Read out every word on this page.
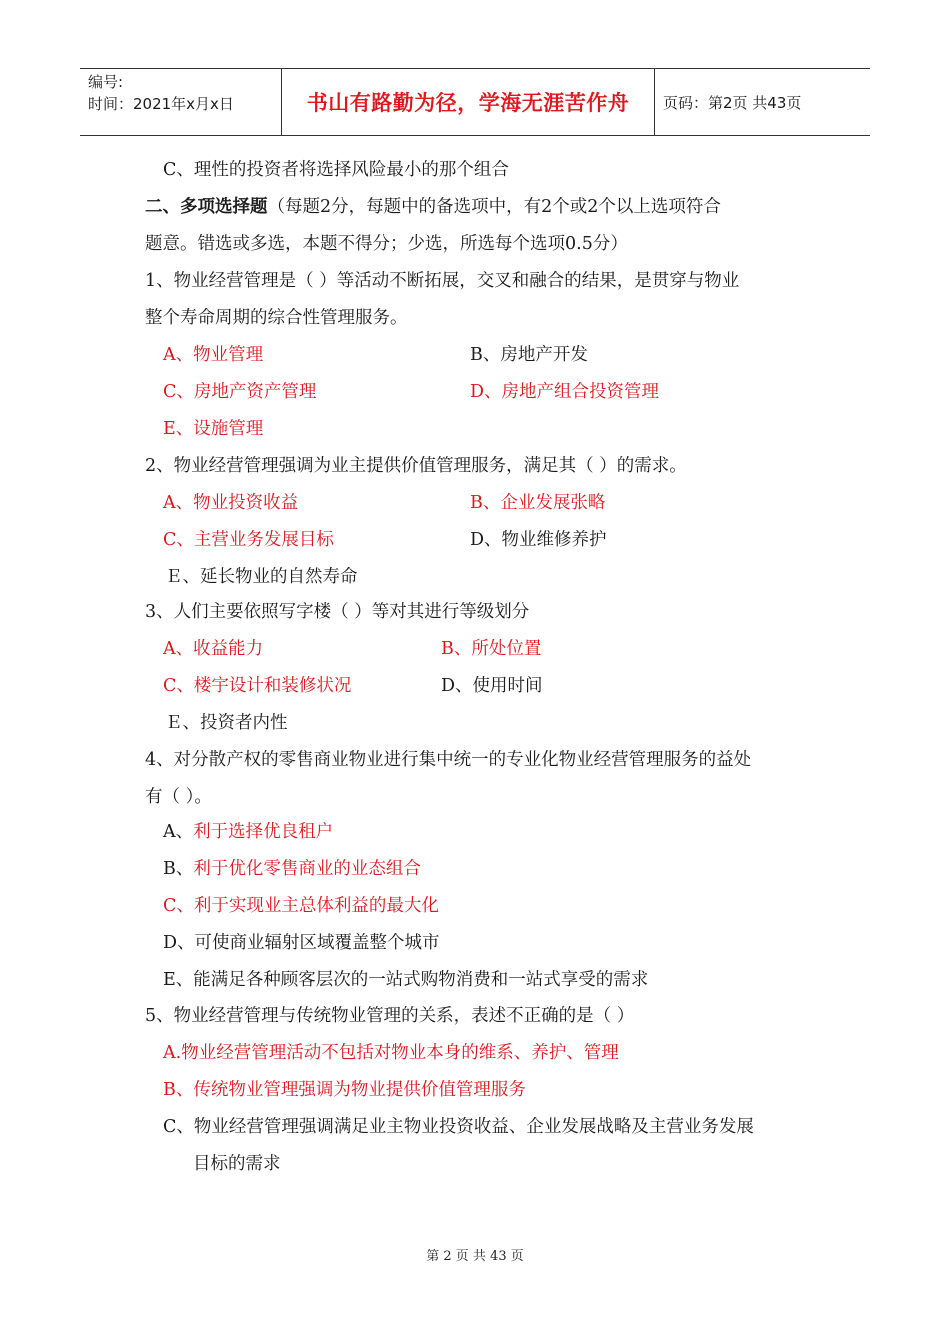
编号:
时间：2021年x月x日	书山有路勤为径，学海无涯苦作舟	页码：第2页 共43页
C、理性的投资者将选择风险最小的那个组合
二、多项选择题（每题2分，每题中的备选项中，有2个或2个以上选项符合
题意。错选或多选，本题不得分；少选，所选每个选项0.5分）
1、物业经营管理是（ ）等活动不断拓展，交叉和融合的结果，是贯穿与物业
整个寿命周期的综合性管理服务。
A、物业管理	B、房地产开发
C、房地产资产管理	D、房地产组合投资管理
E、设施管理
2、物业经营管理强调为业主提供价值管理服务，满足其（ ）的需求。
A、物业投资收益	B、企业发展张略
C、主营业务发展目标	D、物业维修养护
Ｅ、延长物业的自然寿命
3、人们主要依照写字楼（ ）等对其进行等级划分
A、收益能力	B、所处位置
C、楼宇设计和装修状况	D、使用时间
Ｅ、投资者内性
4、对分散产权的零售商业物业进行集中统一的专业化物业经营管理服务的益处
有（ ）。
A、利于选择优良租户
B、利于优化零售商业的业态组合
C、利于实现业主总体利益的最大化
D、可使商业辐射区域覆盖整个城市
E、能满足各种顾客层次的一站式购物消费和一站式享受的需求
5、物业经营管理与传统物业管理的关系，表述不正确的是（ ）
A.物业经营管理活动不包括对物业本身的维系、养护、管理
B、传统物业管理强调为物业提供价值管理服务
C、物业经营管理强调满足业主物业投资收益、企业发展战略及主营业务发展
目标的需求
第 2 页 共 43 页
